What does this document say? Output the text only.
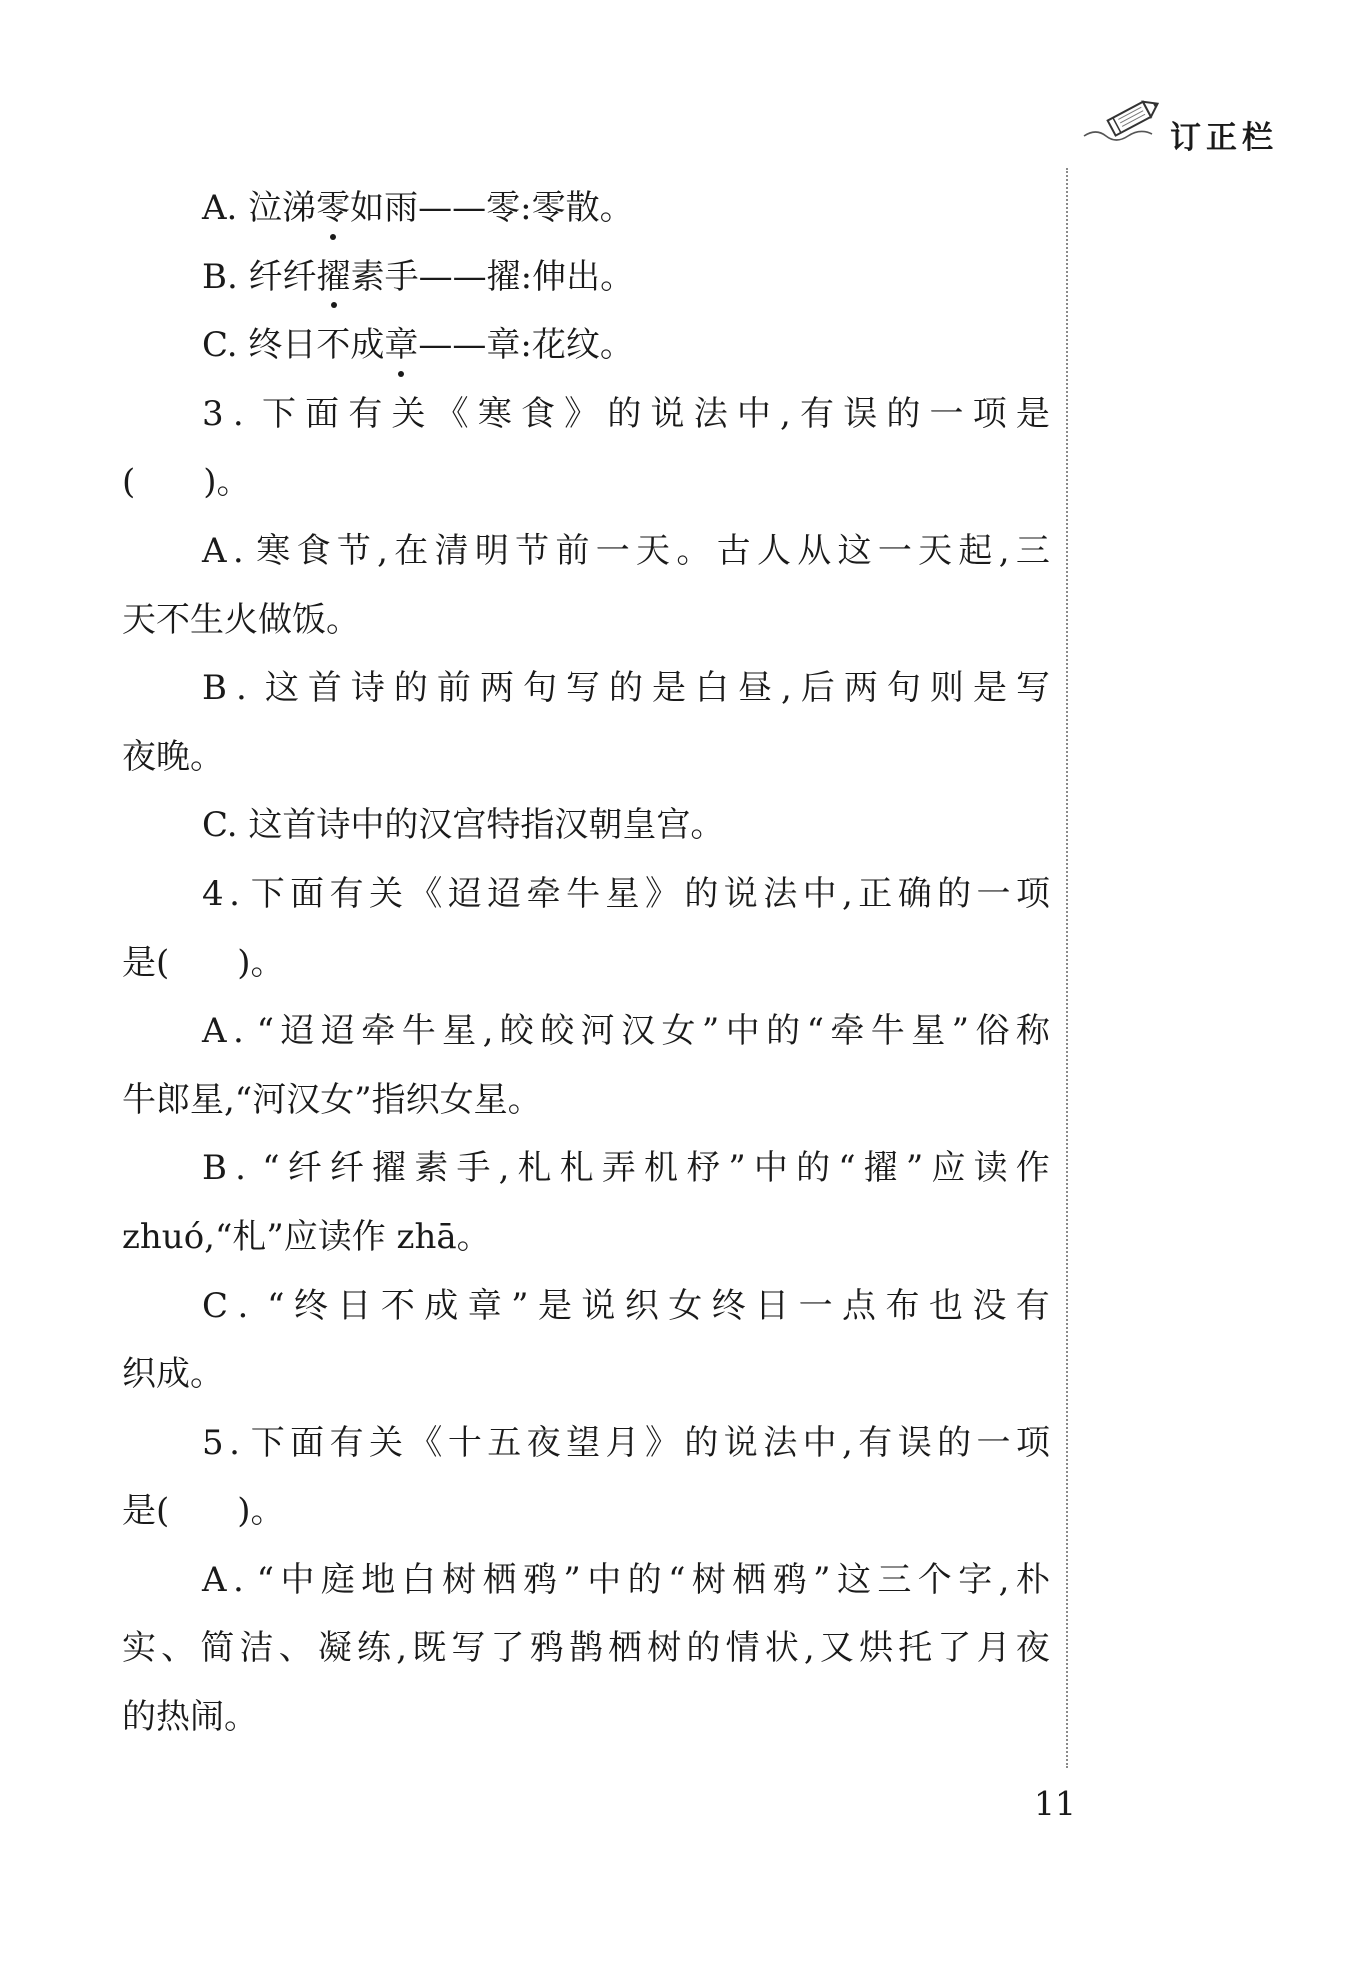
订正栏
A. 泣涕 零 如雨——零:零散。
B. 纤纤 擢 素手——擢:伸出。
C. 终日不成 章 ——章:花纹。
3 . 下 面 有 关 《 寒 食 》 的 说 法 中 , 有 误 的 一 项 是
(　　)。
A . 寒 食 节 , 在 清 明 节 前 一 天 。 古 人 从 这 一 天 起 , 三
天不生火做饭。
B . 这 首 诗 的 前 两 句 写 的 是 白 昼 , 后 两 句 则 是 写
夜晚。
C. 这首诗中的汉宫特指汉朝皇宫。
4 . 下 面 有 关 《 迢 迢 牵 牛 星 》 的 说 法 中 , 正 确 的 一 项
是(　　)。
A . “ 迢 迢 牵 牛 星 , 皎 皎 河 汉 女 ” 中 的 “ 牵 牛 星 ” 俗 称
牛郎星,“河汉女”指织女星。
B . “ 纤 纤 擢 素 手 , 札 札 弄 机 杼 ” 中 的 “ 擢 ” 应 读 作
zhuó,“札”应读作 zhā。
C . “ 终 日 不 成 章 ” 是 说 织 女 终 日 一 点 布 也 没 有
织成。
5 . 下 面 有 关 《 十 五 夜 望 月 》 的 说 法 中 , 有 误 的 一 项
是(　　)。
A . “ 中 庭 地 白 树 栖 鸦 ” 中 的 “ 树 栖 鸦 ” 这 三 个 字 , 朴
实 、 简 洁 、 凝 练 , 既 写 了 鸦 鹊 栖 树 的 情 状 , 又 烘 托 了 月 夜
的热闹。
11
